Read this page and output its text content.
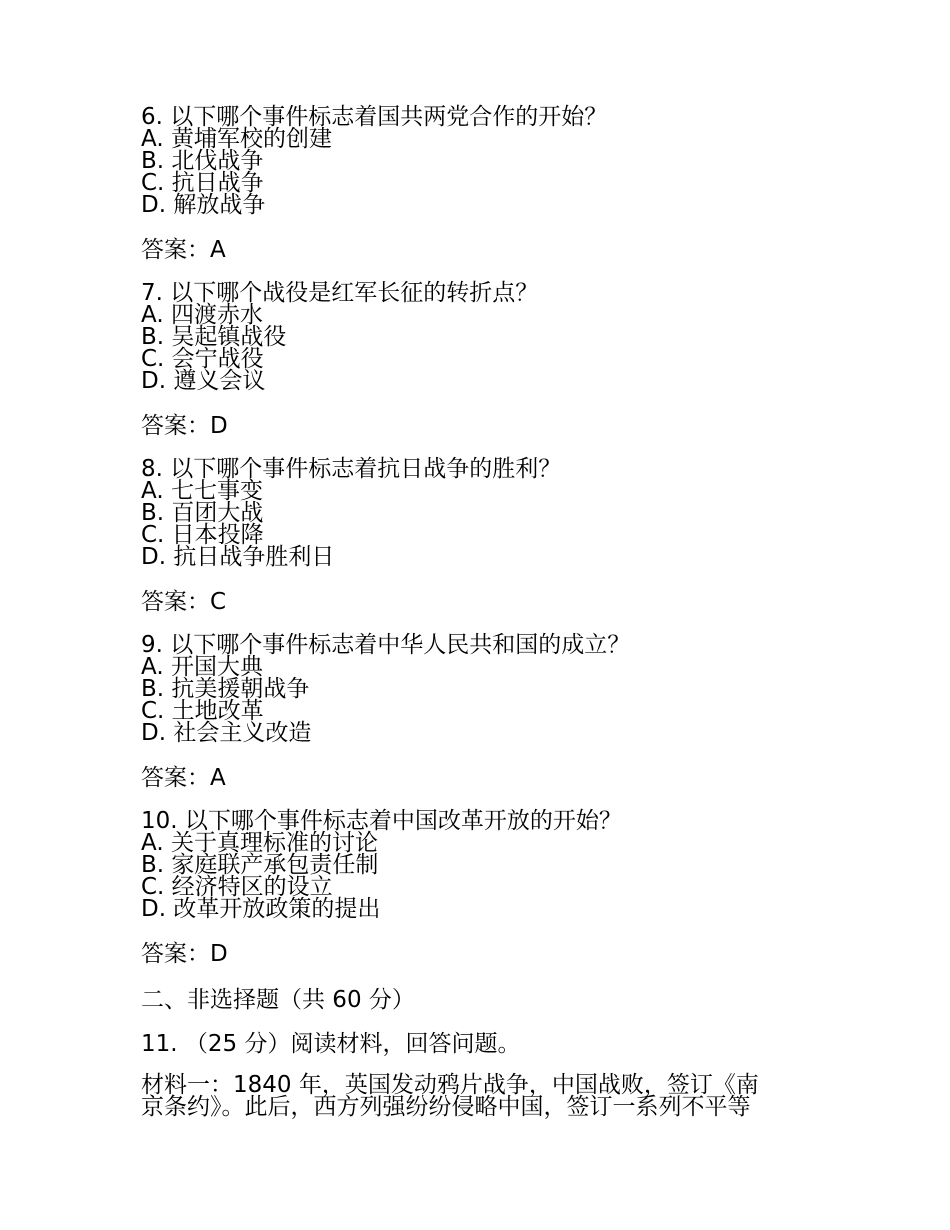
6. 以下哪个事件标志着国共两党合作的开始？
A. 黄埔军校的创建
B. 北伐战争
C. 抗日战争
D. 解放战争
答案：A
7. 以下哪个战役是红军长征的转折点？
A. 四渡赤水
B. 吴起镇战役
C. 会宁战役
D. 遵义会议
答案：D
8. 以下哪个事件标志着抗日战争的胜利？
A. 七七事变
B. 百团大战
C. 日本投降
D. 抗日战争胜利日
答案：C
9. 以下哪个事件标志着中华人民共和国的成立？
A. 开国大典
B. 抗美援朝战争
C. 土地改革
D. 社会主义改造
答案：A
10. 以下哪个事件标志着中国改革开放的开始？
A. 关于真理标准的讨论
B. 家庭联产承包责任制
C. 经济特区的设立
D. 改革开放政策的提出
答案：D
二、非选择题（共 60 分）
11. （25 分）阅读材料，回答问题。
材料一：1840 年，英国发动鸦片战争，中国战败，签订《南
京条约》。此后，西方列强纷纷侵略中国，签订一系列不平等
